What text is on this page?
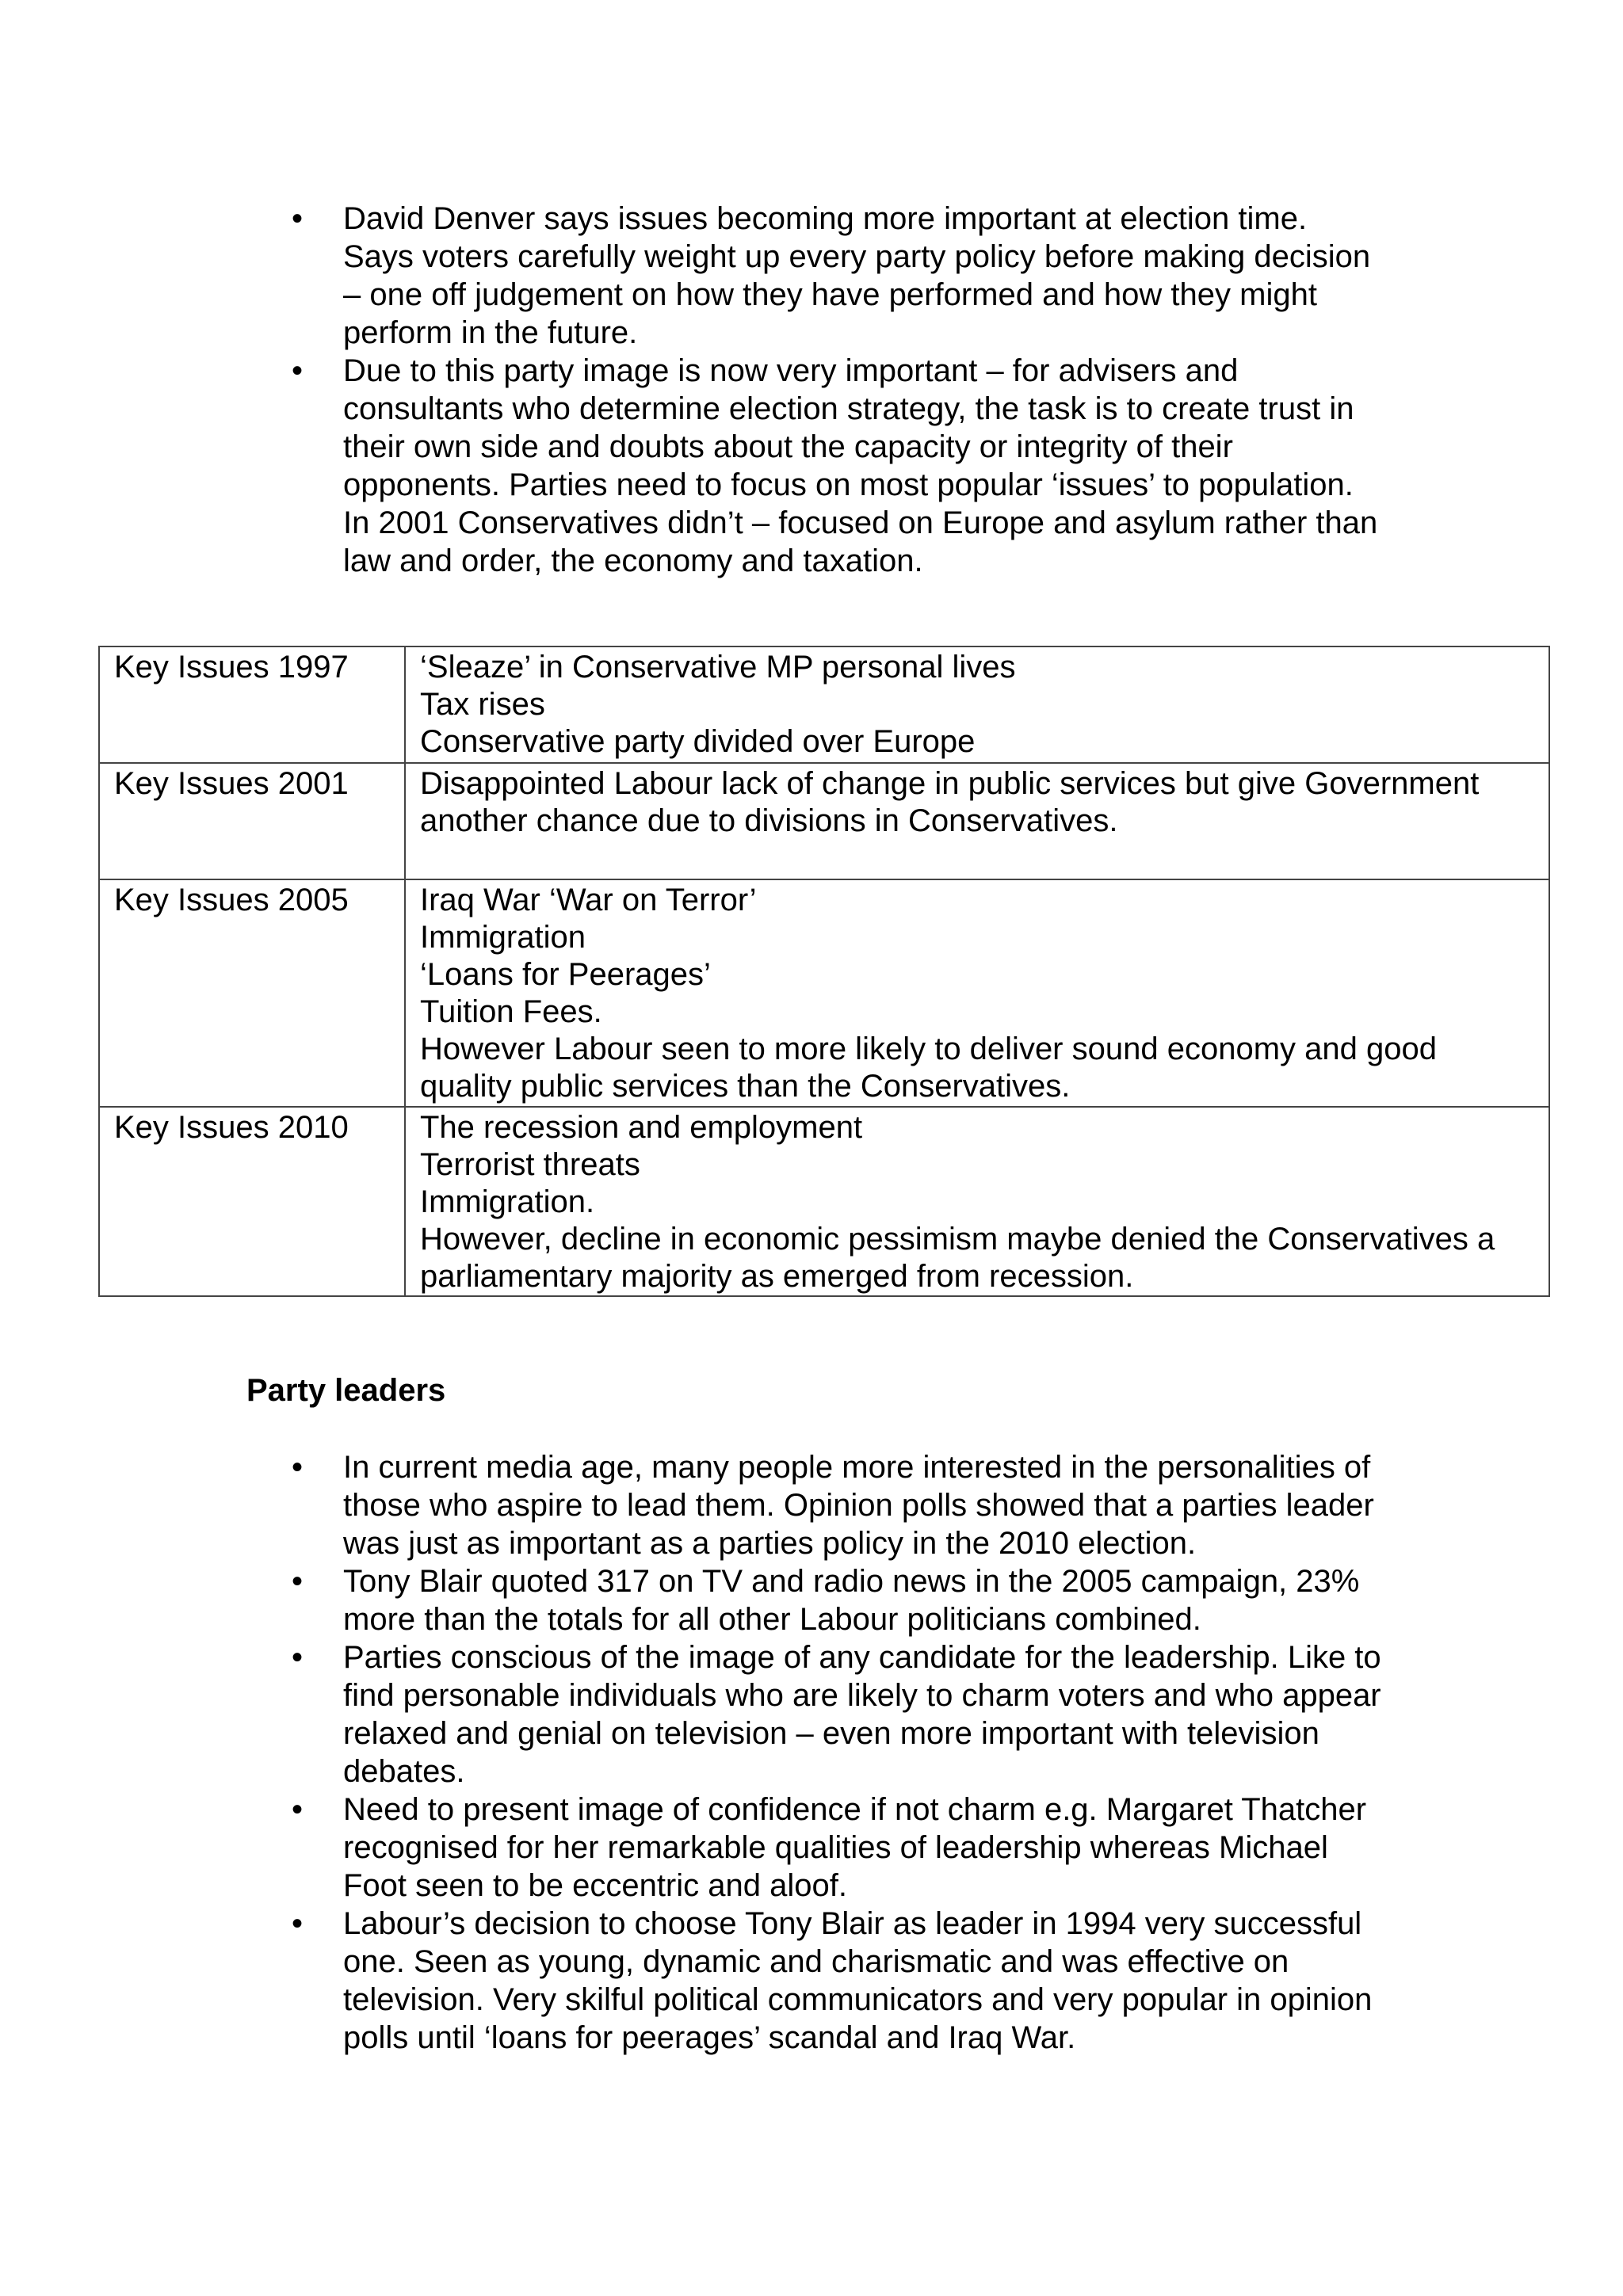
•	David Denver says issues becoming more important at election time. Says voters carefully weight up every party policy before making decision – one off judgement on how they have performed and how they might perform in the future.
•	Due to this party image is now very important – for advisers and consultants who determine election strategy, the task is to create trust in their own side and doubts about the capacity or integrity of their opponents. Parties need to focus on most popular ‘issues’ to population. In 2001 Conservatives didn’t – focused on Europe and asylum rather than law and order, the economy and taxation.
Key Issues 1997	‘Sleaze’ in Conservative MP personal lives
Tax rises
Conservative party divided over Europe

Key Issues 2001	Disappointed Labour lack of change in public services but give Government another chance due to divisions in Conservatives.

Key Issues 2005	Iraq War ‘War on Terror’
Immigration
‘Loans for Peerages’
Tuition Fees.
However Labour seen to more likely to deliver sound economy and good quality public services than the Conservatives.

Key Issues 2010	The recession and employment
Terrorist threats
Immigration.
However, decline in economic pessimism maybe denied the Conservatives a parliamentary majority as emerged from recession.
Party leaders
•	In current media age, many people more interested in the personalities of those who aspire to lead them. Opinion polls showed that a parties leader was just as important as a parties policy in the 2010 election.
•	Tony Blair quoted 317 on TV and radio news in the 2005 campaign, 23% more than the totals for all other Labour politicians combined.
•	Parties conscious of the image of any candidate for the leadership. Like to find personable individuals who are likely to charm voters and who appear relaxed and genial on television – even more important with television debates.
•	Need to present image of confidence if not charm e.g. Margaret Thatcher recognised for her remarkable qualities of leadership whereas Michael Foot seen to be eccentric and aloof.
•	Labour’s decision to choose Tony Blair as leader in 1994 very successful one. Seen as young, dynamic and charismatic and was effective on television. Very skilful political communicators and very popular in opinion polls until ‘loans for peerages’ scandal and Iraq War.
